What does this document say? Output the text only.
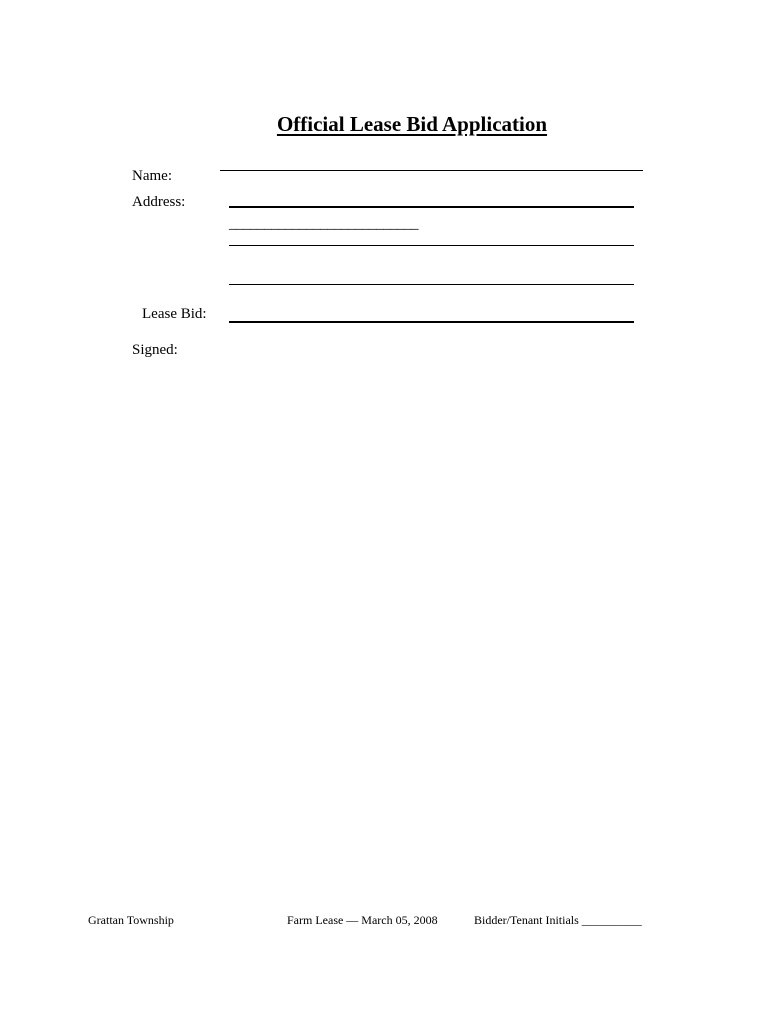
Official Lease Bid Application
Name:
Address:
___________________________
Lease Bid:
Signed:
Grattan Township	Farm Lease — March 05, 2008	Bidder/Tenant Initials __________
